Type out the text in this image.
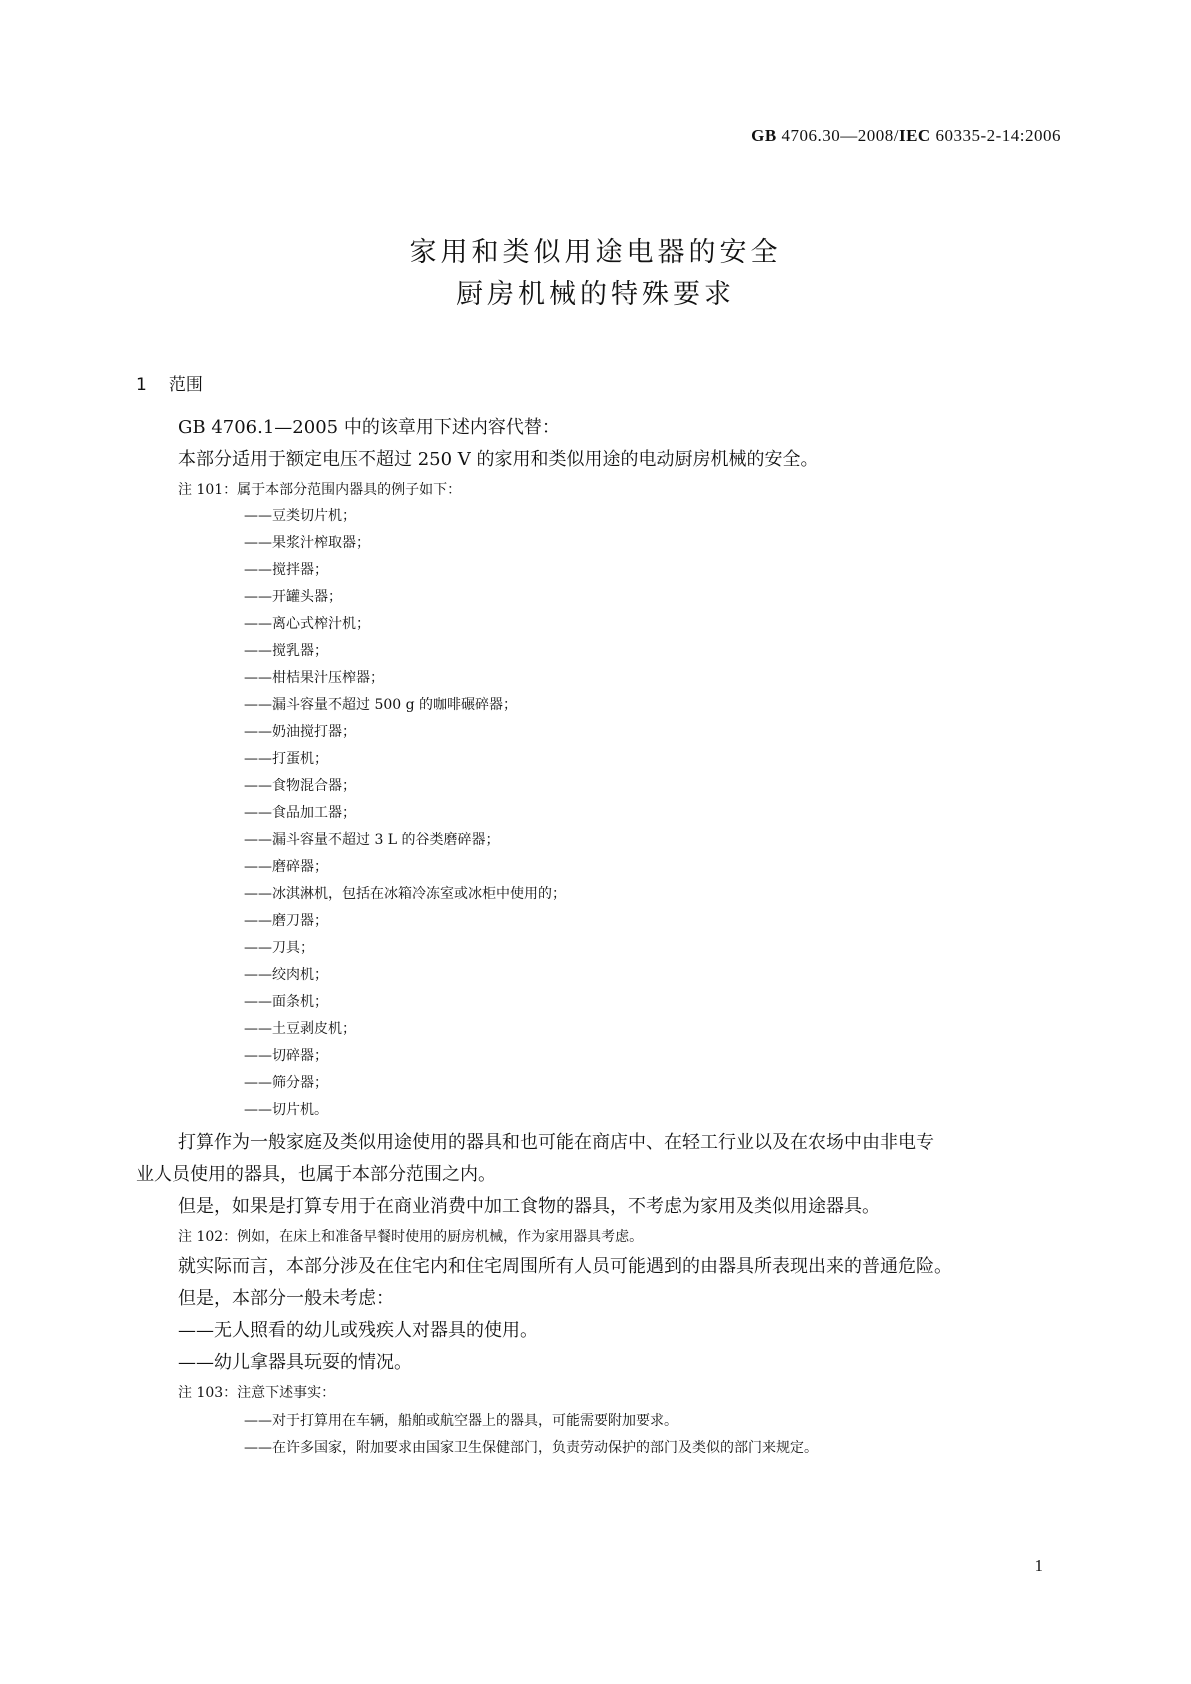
GB 4706.30—2008/IEC 60335-2-14:2006
家用和类似用途电器的安全
厨房机械的特殊要求
1 范围
GB 4706.1—2005 中的该章用下述内容代替：
本部分适用于额定电压不超过 250 V 的家用和类似用途的电动厨房机械的安全。
注 101：属于本部分范围内器具的例子如下：
——豆类切片机；
——果浆汁榨取器；
——搅拌器；
——开罐头器；
——离心式榨汁机；
——搅乳器；
——柑桔果汁压榨器；
——漏斗容量不超过 500 g 的咖啡碾碎器；
——奶油搅打器；
——打蛋机；
——食物混合器；
——食品加工器；
——漏斗容量不超过 3 L 的谷类磨碎器；
——磨碎器；
——冰淇淋机，包括在冰箱冷冻室或冰柜中使用的；
——磨刀器；
——刀具；
——绞肉机；
——面条机；
——土豆剥皮机；
——切碎器；
——筛分器；
——切片机。
打算作为一般家庭及类似用途使用的器具和也可能在商店中、在轻工行业以及在农场中由非电专
业人员使用的器具，也属于本部分范围之内。
但是，如果是打算专用于在商业消费中加工食物的器具，不考虑为家用及类似用途器具。
注 102：例如，在床上和准备早餐时使用的厨房机械，作为家用器具考虑。
就实际而言，本部分涉及在住宅内和住宅周围所有人员可能遇到的由器具所表现出来的普通危险。
但是，本部分一般未考虑：
——无人照看的幼儿或残疾人对器具的使用。
——幼儿拿器具玩耍的情况。
注 103：注意下述事实：
——对于打算用在车辆，船舶或航空器上的器具，可能需要附加要求。
——在许多国家，附加要求由国家卫生保健部门，负责劳动保护的部门及类似的部门来规定。
1
